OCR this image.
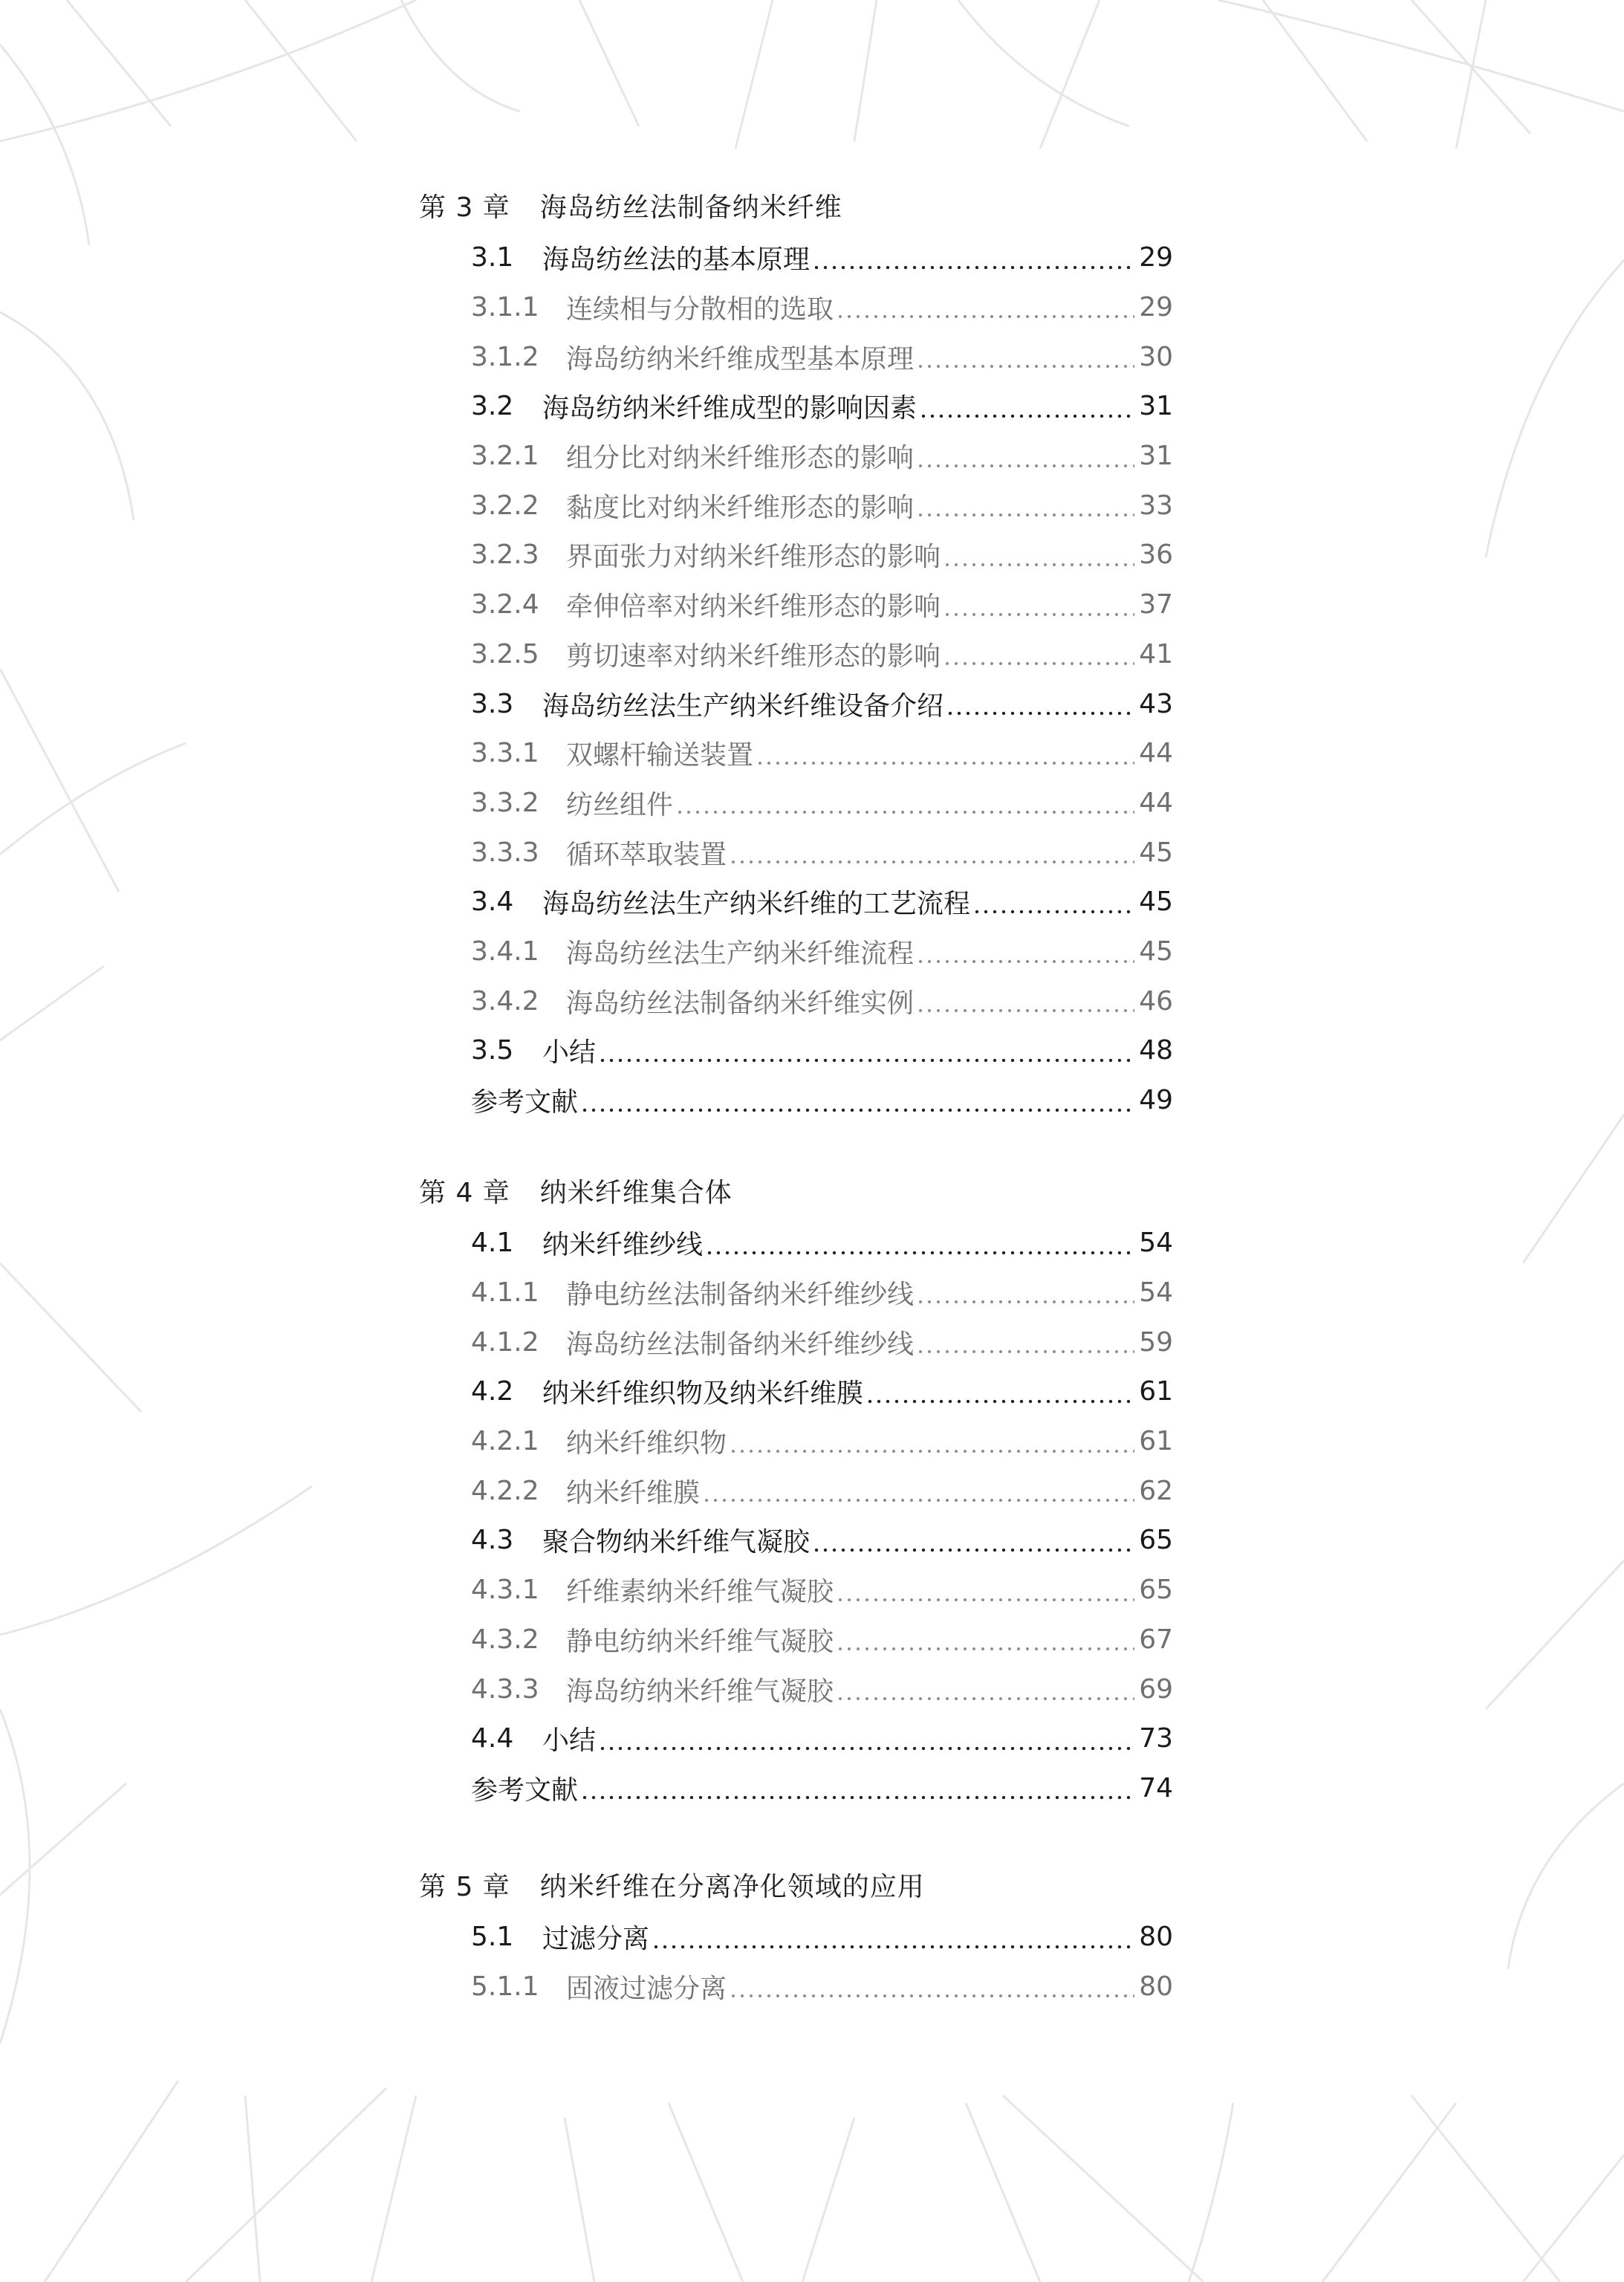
第 3 章 海岛纺丝法制备纳米纤维
3.1	海岛纺丝法的基本原理	29
3.1.1	连续相与分散相的选取	29
3.1.2	海岛纺纳米纤维成型基本原理	30
3.2	海岛纺纳米纤维成型的影响因素	31
3.2.1	组分比对纳米纤维形态的影响	31
3.2.2	黏度比对纳米纤维形态的影响	33
3.2.3	界面张力对纳米纤维形态的影响	36
3.2.4	牵伸倍率对纳米纤维形态的影响	37
3.2.5	剪切速率对纳米纤维形态的影响	41
3.3	海岛纺丝法生产纳米纤维设备介绍	43
3.3.1	双螺杆输送装置	44
3.3.2	纺丝组件	44
3.3.3	循环萃取装置	45
3.4	海岛纺丝法生产纳米纤维的工艺流程	45
3.4.1	海岛纺丝法生产纳米纤维流程	45
3.4.2	海岛纺丝法制备纳米纤维实例	46
3.5	小结	48
参考文献	49
第 4 章 纳米纤维集合体
4.1	纳米纤维纱线	54
4.1.1	静电纺丝法制备纳米纤维纱线	54
4.1.2	海岛纺丝法制备纳米纤维纱线	59
4.2	纳米纤维织物及纳米纤维膜	61
4.2.1	纳米纤维织物	61
4.2.2	纳米纤维膜	62
4.3	聚合物纳米纤维气凝胶	65
4.3.1	纤维素纳米纤维气凝胶	65
4.3.2	静电纺纳米纤维气凝胶	67
4.3.3	海岛纺纳米纤维气凝胶	69
4.4	小结	73
参考文献	74
第 5 章 纳米纤维在分离净化领域的应用
5.1	过滤分离	80
5.1.1	固液过滤分离	80
